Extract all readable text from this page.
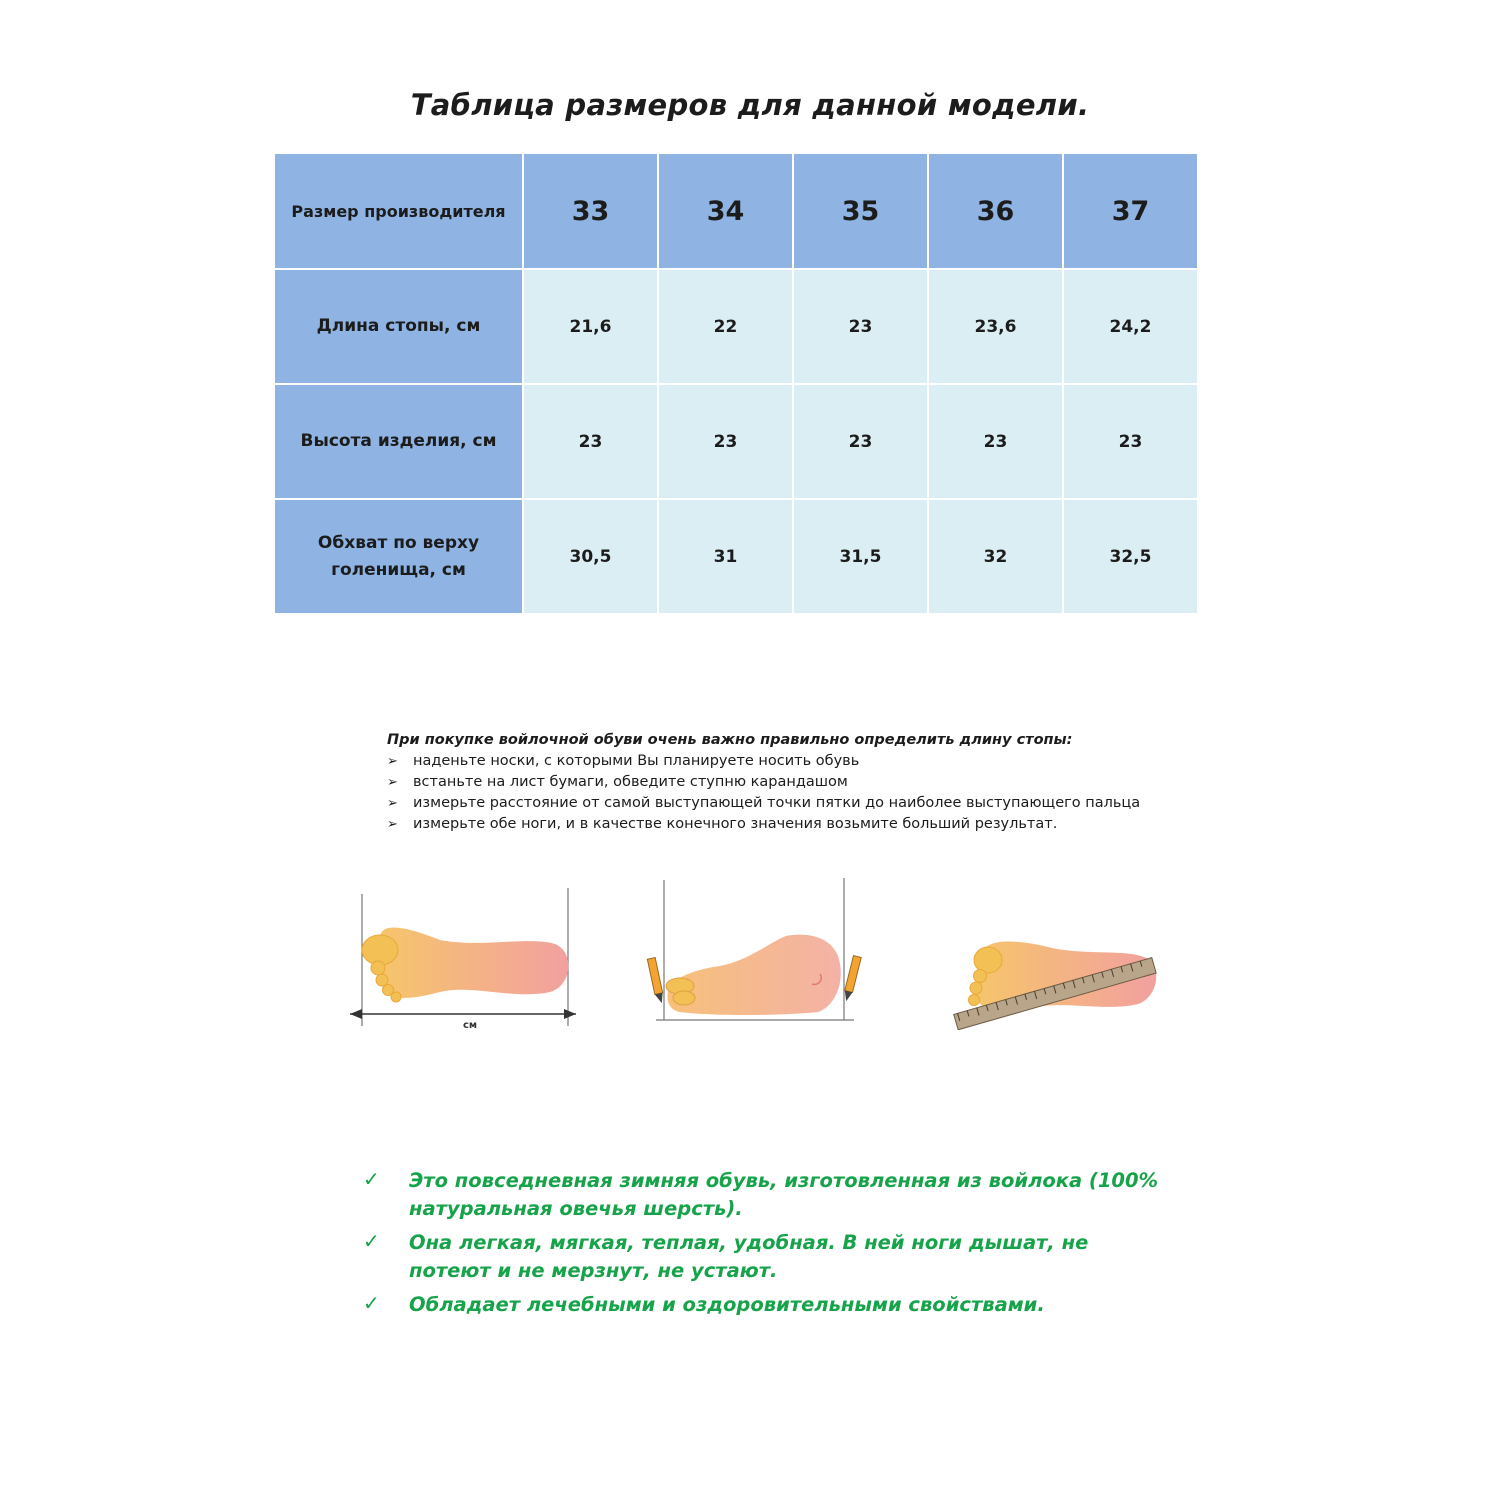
Таблица размеров для данной модели.
Размер производителя	33	34	35	36	37
Длина стопы, см	21,6	22	23	23,6	24,2
Высота изделия, см	23	23	23	23	23

Обхват по верху голенища, см	30,5	31	31,5	32	32,5
При покупке войлочной обуви очень важно правильно определить длину стопы:
➢ наденьте носки, с которыми Вы планируете носить обувь
➢ встаньте на лист бумаги, обведите ступню карандашом
➢ измерьте расстояние от самой выступающей точки пятки до наиболее выступающего пальца
➢ измерьте обе ноги, и в качестве конечного значения возьмите больший результат.
см
✓ Это повседневная зимняя обувь, изготовленная из войлока (100% натуральная овечья шерсть).
✓ Она легкая, мягкая, теплая, удобная. В ней ноги дышат, не потеют и не мерзнут, не устают.
✓ Обладает лечебными и оздоровительными свойствами.
